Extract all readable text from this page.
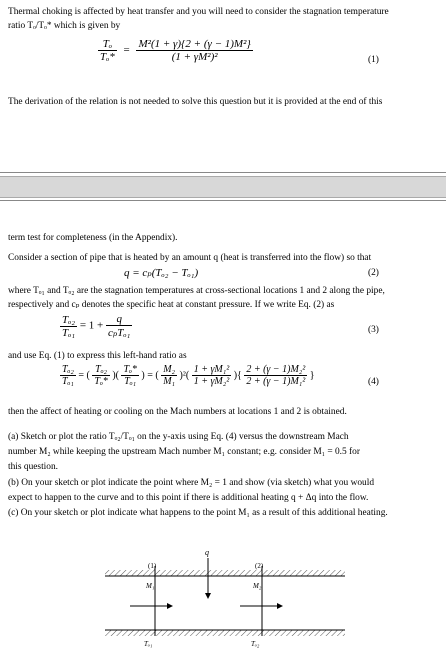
Thermal choking is affected by heat transfer and you will need to consider the stagnation temperature
ratio Tₒ/Tₒ* which is given by
$\frac{\text{Tₒ}}{\text{Tₒ*}} = \frac{\text{M²(1 + γ)\{2 + (γ − 1)M²\}}}{\text{(1 + γM²)²}}$	(1)
The derivation of the relation is not needed to solve this question but it is provided at the end of this
term test for completeness (in the Appendix).
Consider a section of pipe that is heated by an amount q (heat is transferred into the flow) so that
q = cₚ(Tₒ₂ − Tₒ₁)	(2)
where Tₒ₁ and Tₒ₂ are the stagnation temperatures at cross-sectional locations 1 and 2 along the pipe,
respectively and cₚ denotes the specific heat at constant pressure. If we write Eq. (2) as
$\frac{\text{Tₒ₂}}{\text{Tₒ₁}} = 1 + \frac{q}{\text{cₚTₒ₁}}$	(3)
and use Eq. (1) to express this left-hand ratio as
$\frac{\text{Tₒ₂}}{\text{Tₒ₁}}$ = ( $\frac{\text{Tₒ₂}}{\text{Tₒ*}}$ )( $\frac{\text{Tₒ*}}{\text{Tₒ₁}}$ ) = ( $\frac{\text{M₂}}{\text{M₁}} )^2( \frac{\text{1 + γM₁²}}{\text{1 + γM₂²}}$ ){ $\frac{\text{2 + (γ − 1)M₂²}}{\text{2 + (γ − 1)M₁²}}$ }
(4)
then the affect of heating or cooling on the Mach numbers at locations 1 and 2 is obtained.
(a) Sketch or plot the ratio Tₒ₂/Tₒ₁ on the y-axis using Eq. (4) versus the downstream Mach
number M₂ while keeping the upstream Mach number M₁ constant; e.g. consider M₁ = 0.5 for
this question.
(b) On your sketch or plot indicate the point where M₂ = 1 and show (via sketch) what you would
expect to happen to the curve and to this point if there is additional heating q + Δq into the flow.
(c) On your sketch or plot indicate what happens to the point M₁ as a result of this additional heating.
q
(1)	(2)
M₁	M₂
Tₒ₁	Tₒ₂
